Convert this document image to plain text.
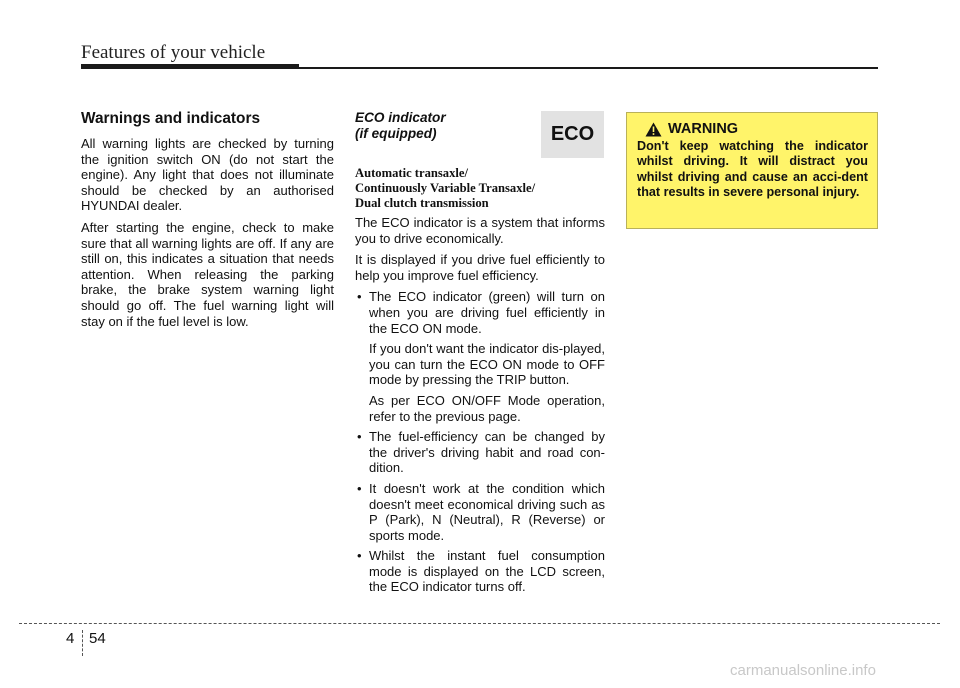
Features of your vehicle
Warnings and indicators

All warning lights are checked by turning the ignition switch ON (do not start the engine). Any light that does not illuminate should be checked by an authorised HYUNDAI dealer.

After starting the engine, check to make sure that all warning lights are off. If any are still on, this indicates a situation that needs attention. When releasing the parking brake, the brake system warning light should go off. The fuel warning light will stay on if the fuel level is low.

ECO indicator
(if equipped)
Automatic transaxle/
Continuously Variable Transaxle/
Dual clutch transmission

The ECO indicator is a system that informs you to drive economically.

It is displayed if you drive fuel efficiently to help you improve fuel efficiency.

• The ECO indicator (green) will turn on when you are driving fuel efficiently in the ECO ON mode.

If you don't want the indicator dis-played, you can turn the ECO ON mode to OFF mode by pressing the TRIP button.

As per ECO ON/OFF Mode operation, refer to the previous page.

• The fuel-efficiency can be changed by the driver's driving habit and road con-dition.

• It doesn't work at the condition which doesn't meet economical driving such as P (Park), N (Neutral), R (Reverse) or sports mode.

• Whilst the instant fuel consumption mode is displayed on the LCD screen, the ECO indicator turns off.

ECO	WARNING
Don't keep watching the indicator whilst driving. It will distract you whilst driving and cause an acci-dent that results in severe personal injury.
4 54
carmanualsonline.info
